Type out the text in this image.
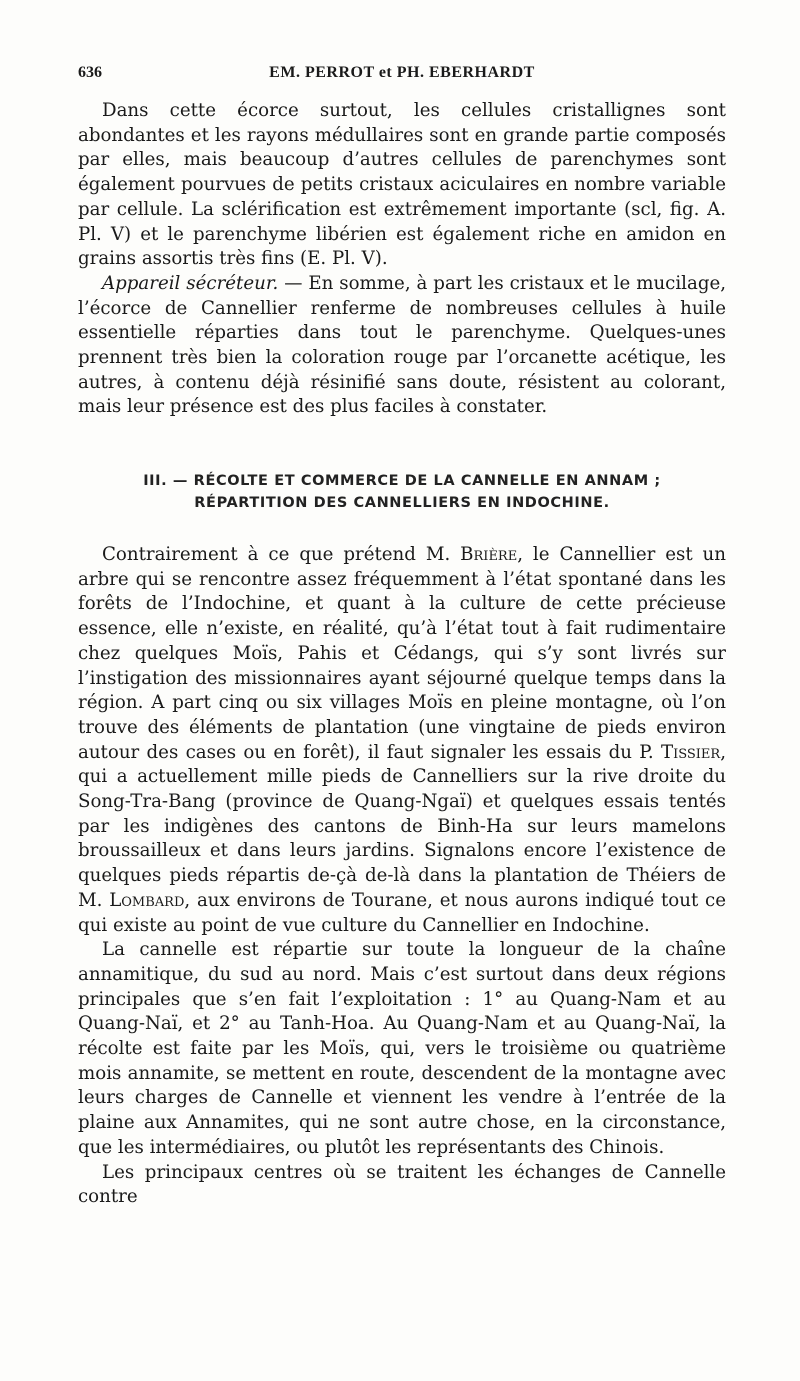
636	EM. PERROT et PH. EBERHARDT

Dans cette écorce surtout, les cellules cristallignes sont abondantes et les rayons médullaires sont en grande partie composés par elles, mais beaucoup d’autres cellules de parenchymes sont également pourvues de petits cristaux aciculaires en nombre variable par cellule. La sclérification est extrêmement importante (scl, fig. A. Pl. V) et le parenchyme libérien est également riche en amidon en grains assortis très fins (E. Pl. V).

Appareil sécréteur. — En somme, à part les cristaux et le mucilage, l’écorce de Cannellier renferme de nombreuses cellules à huile essentielle réparties dans tout le parenchyme. Quelques-unes prennent très bien la coloration rouge par l’orcanette acétique, les autres, à contenu déjà résinifié sans doute, résistent au colorant, mais leur présence est des plus faciles à constater.

III. — RÉCOLTE ET COMMERCE DE LA CANNELLE EN ANNAM ;
RÉPARTITION DES CANNELLIERS EN INDOCHINE.

Contrairement à ce que prétend M. Brière, le Cannellier est un arbre qui se rencontre assez fréquemment à l’état spontané dans les forêts de l’Indochine, et quant à la culture de cette précieuse essence, elle n’existe, en réalité, qu’à l’état tout à fait rudimentaire chez quelques Moïs, Pahis et Cédangs, qui s’y sont livrés sur l’instigation des missionnaires ayant séjourné quelque temps dans la région. A part cinq ou six villages Moïs en pleine montagne, où l’on trouve des éléments de plantation (une vingtaine de pieds environ autour des cases ou en forêt), il faut signaler les essais du P. Tissier, qui a actuellement mille pieds de Cannelliers sur la rive droite du Song-Tra-Bang (province de Quang-Ngaï) et quelques essais tentés par les indigènes des cantons de Binh-Ha sur leurs mamelons broussailleux et dans leurs jardins. Signalons encore l’existence de quelques pieds répartis de-çà de-là dans la plantation de Théiers de M. Lombard, aux environs de Tourane, et nous aurons indiqué tout ce qui existe au point de vue culture du Cannellier en Indochine.

La cannelle est répartie sur toute la longueur de la chaîne annamitique, du sud au nord. Mais c’est surtout dans deux régions principales que s’en fait l’exploitation : 1° au Quang-Nam et au Quang-Naï, et 2° au Tanh-Hoa. Au Quang-Nam et au Quang-Naï, la récolte est faite par les Moïs, qui, vers le troisième ou quatrième mois annamite, se mettent en route, descendent de la montagne avec leurs charges de Cannelle et viennent les vendre à l’entrée de la plaine aux Annamites, qui ne sont autre chose, en la circonstance, que les intermédiaires, ou plutôt les représentants des Chinois.

Les principaux centres où se traitent les échanges de Cannelle contre
